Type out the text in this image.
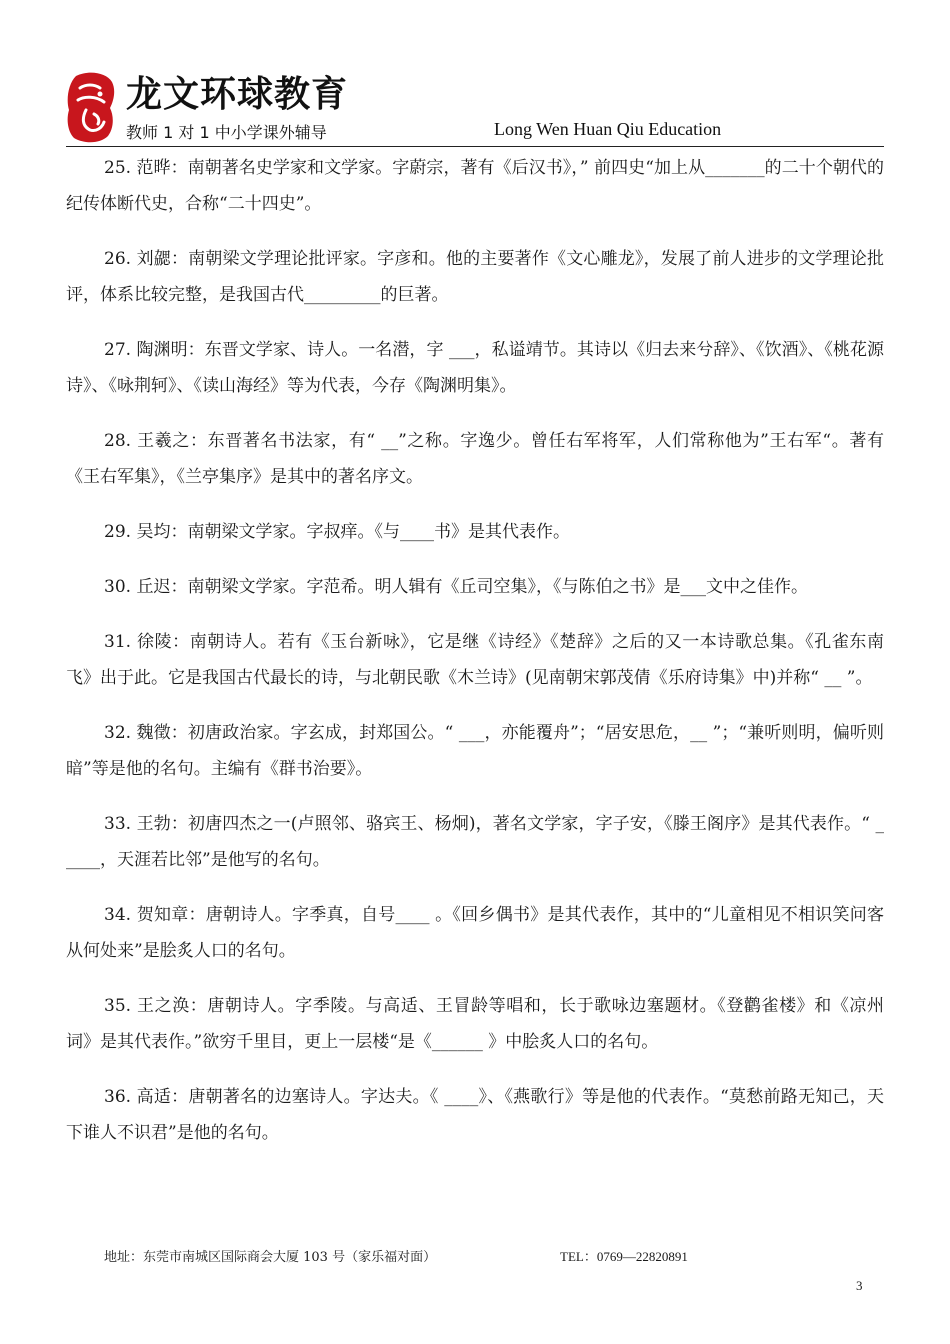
龙文环球教育
教师 1 对 1 中小学课外辅导	Long Wen Huan Qiu Education

25. 范晔：南朝著名史学家和文学家。字蔚宗，著有《后汉书》，” 前四史“加上从_______的二十个朝代的纪传体断代史，合称“二十四史”。

26. 刘勰：南朝梁文学理论批评家。字彦和。他的主要著作《文心雕龙》，发展了前人进步的文学理论批评，体系比较完整，是我国古代_________的巨著。

27. 陶渊明：东晋文学家、诗人。一名潜，字 ___，私谥靖节。其诗以《归去来兮辞》、《饮酒》、《桃花源诗》、《咏荆轲》、《读山海经》等为代表，今存《陶渊明集》。

28. 王羲之：东晋著名书法家，有“ __”之称。字逸少。曾任右军将军，人们常称他为”王右军“。著有《王右军集》，《兰亭集序》是其中的著名序文。

29. 吴均：南朝梁文学家。字叔痒。《与____书》是其代表作。

30. 丘迟：南朝梁文学家。字范希。明人辑有《丘司空集》，《与陈伯之书》是___文中之佳作。

31. 徐陵：南朝诗人。若有《玉台新咏》，它是继《诗经》《楚辞》之后的又一本诗歌总集。《孔雀东南飞》出于此。它是我国古代最长的诗，与北朝民歌《木兰诗》(见南朝宋郭茂倩《乐府诗集》中)并称“ __ ”。

32. 魏徵：初唐政治家。字玄成，封郑国公。“ ___，亦能覆舟”；“居安思危，__ ”；“兼听则明，偏听则暗”等是他的名句。主编有《群书治要》。

33. 王勃：初唐四杰之一(卢照邻、骆宾王、杨炯)，著名文学家，字子安，《滕王阁序》是其代表作。“ _____，天涯若比邻”是他写的名句。

34. 贺知章：唐朝诗人。字季真，自号____ 。《回乡偶书》是其代表作，其中的“儿童相见不相识笑问客从何处来”是脍炙人口的名句。

35. 王之涣：唐朝诗人。字季陵。与高适、王冒龄等唱和，长于歌咏边塞题材。《登鹳雀楼》和《凉州词》是其代表作。”欲穷千里目，更上一层楼“是《______ 》中脍炙人口的名句。

36. 高适：唐朝著名的边塞诗人。字达夫。《 ____》、《燕歌行》等是他的代表作。“莫愁前路无知己，天下谁人不识君”是他的名句。

地址：东莞市南城区国际商会大厦 103 号（家乐福对面）	TEL：0769—22820891
3
